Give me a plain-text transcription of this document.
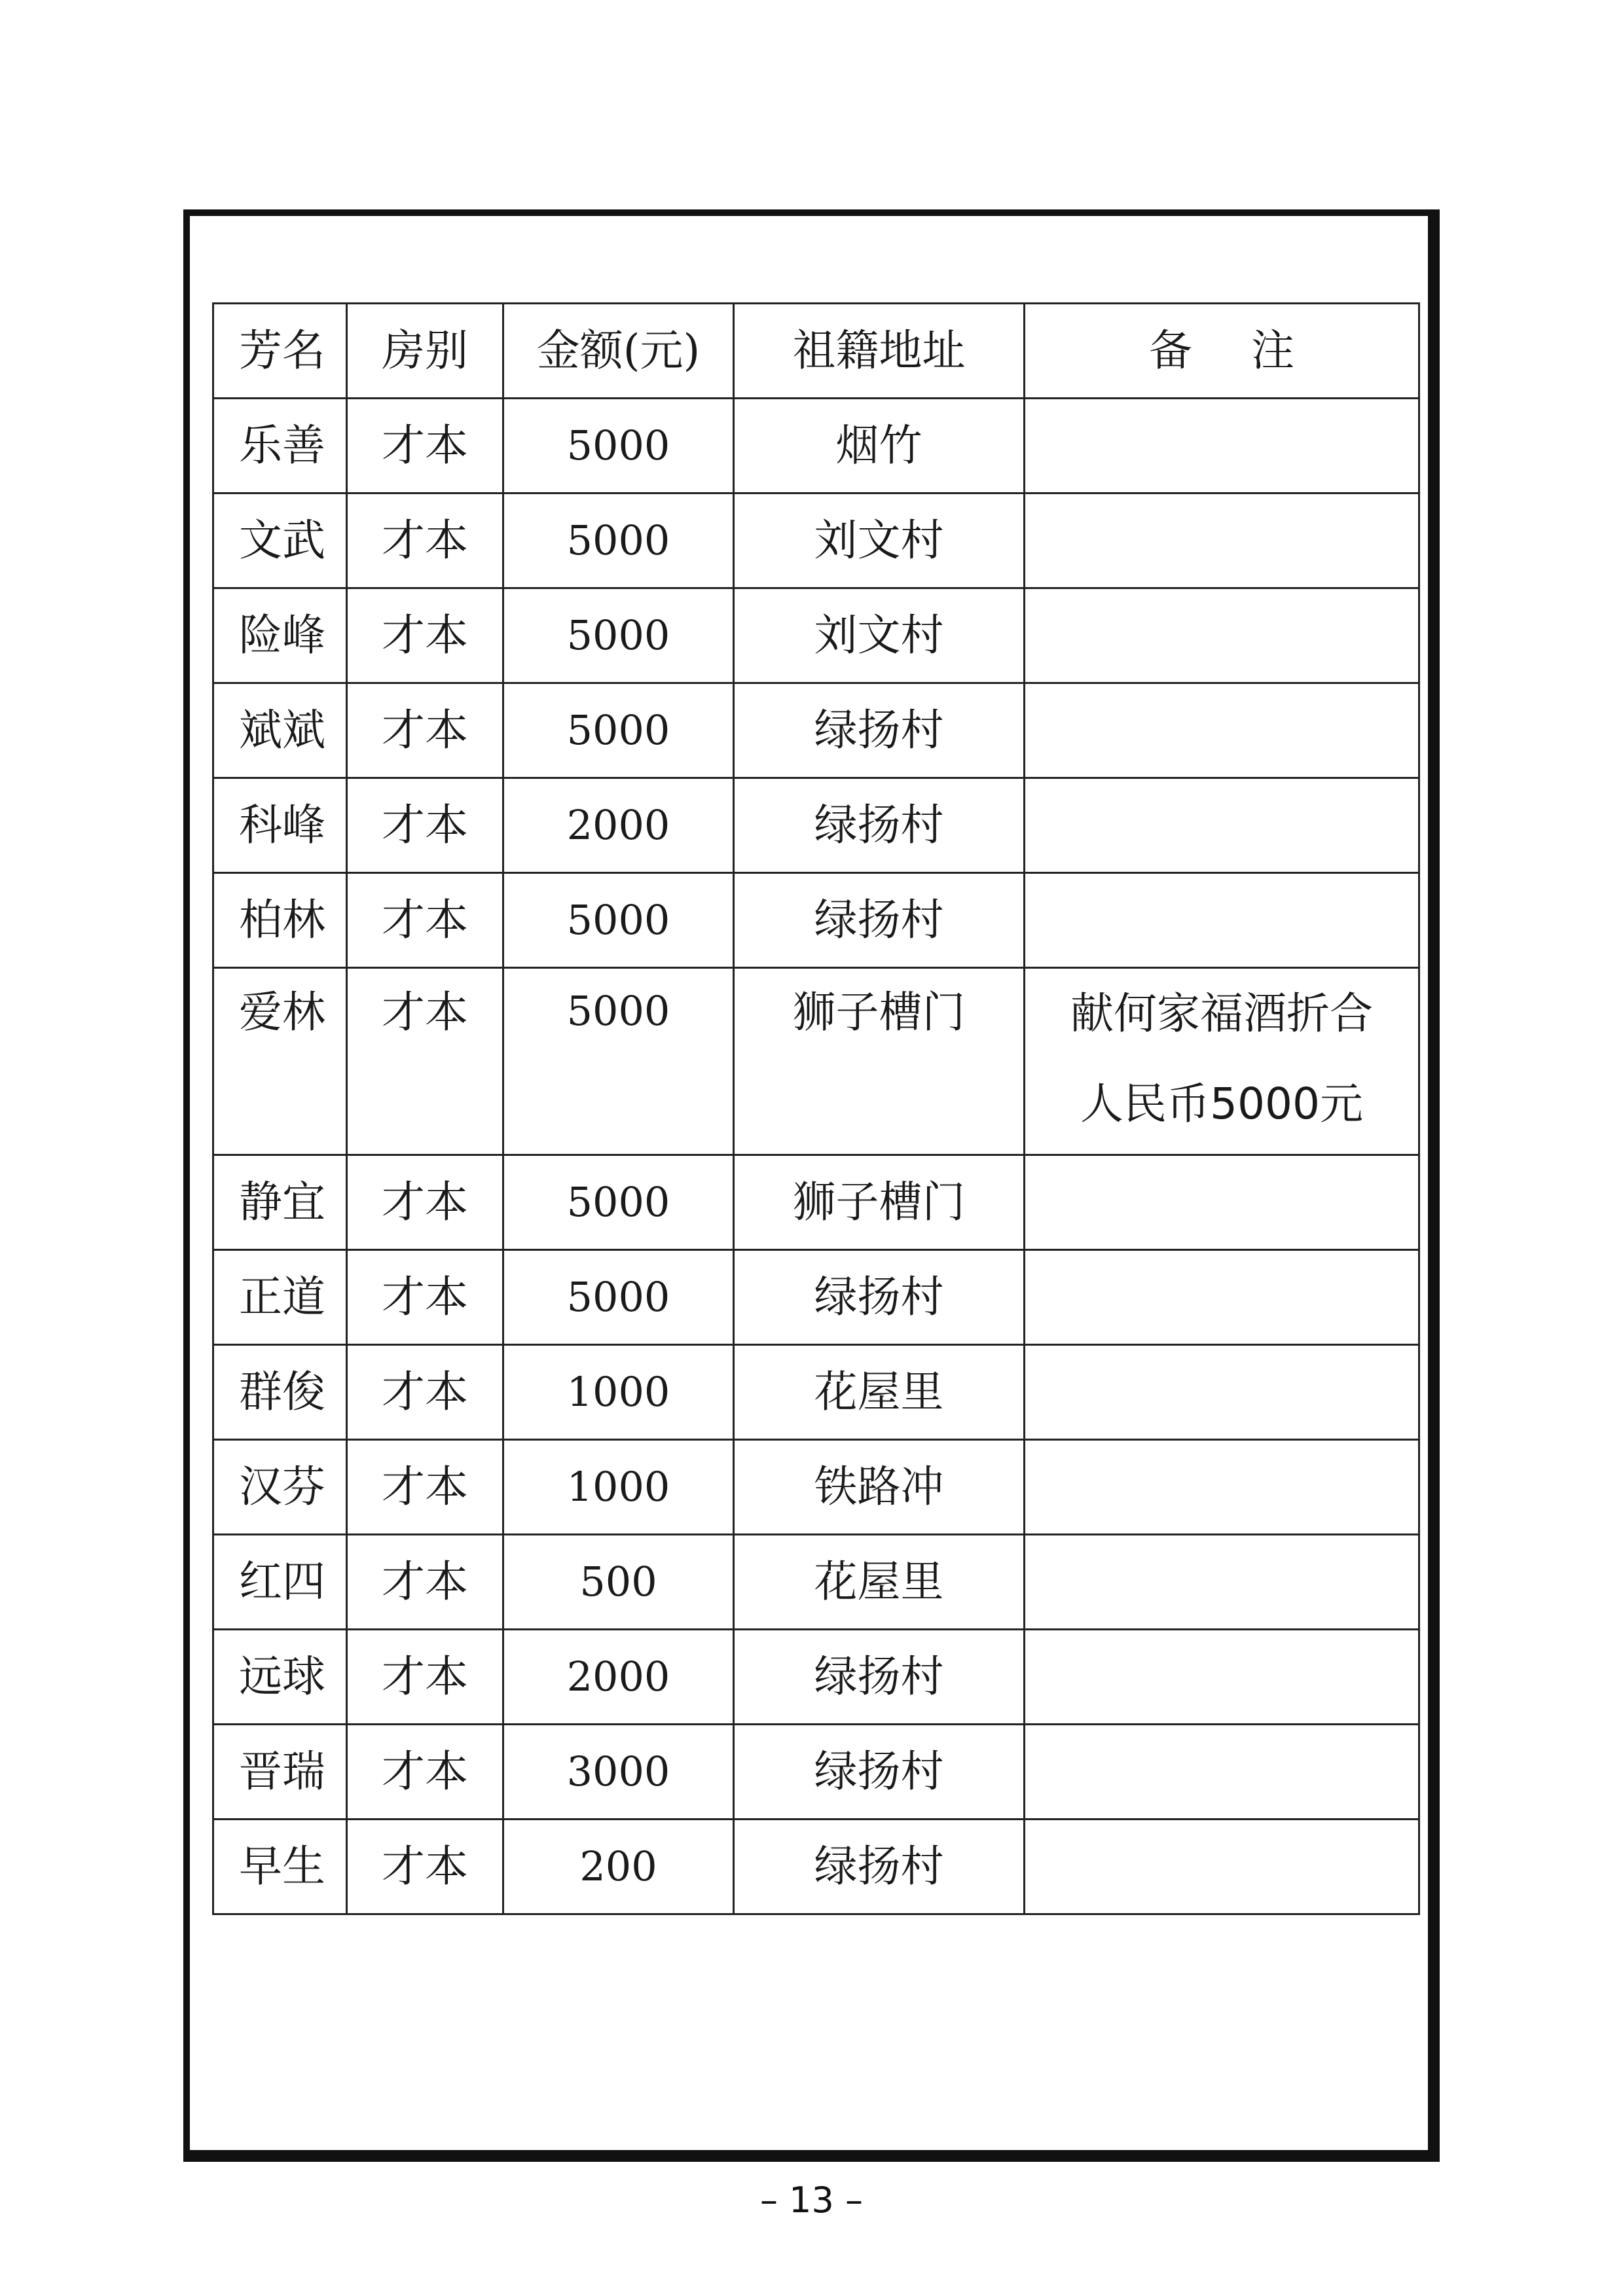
芳名	房别	金额(元)	祖籍地址	备注
乐善	才本	5000	烟竹	
文武	才本	5000	刘文村	
险峰	才本	5000	刘文村	
斌斌	才本	5000	绿扬村	
科峰	才本	2000	绿扬村	
柏林	才本	5000	绿扬村	
爱林	才本	5000	狮子槽门	献何家福酒折合
人民币5000元

静宜	才本	5000	狮子槽门	
正道	才本	5000	绿扬村	
群俊	才本	1000	花屋里	
汉芬	才本	1000	铁路冲	
红四	才本	500	花屋里	
远球	才本	2000	绿扬村	
晋瑞	才本	3000	绿扬村	
早生	才本	200	绿扬村	
– 13 –
